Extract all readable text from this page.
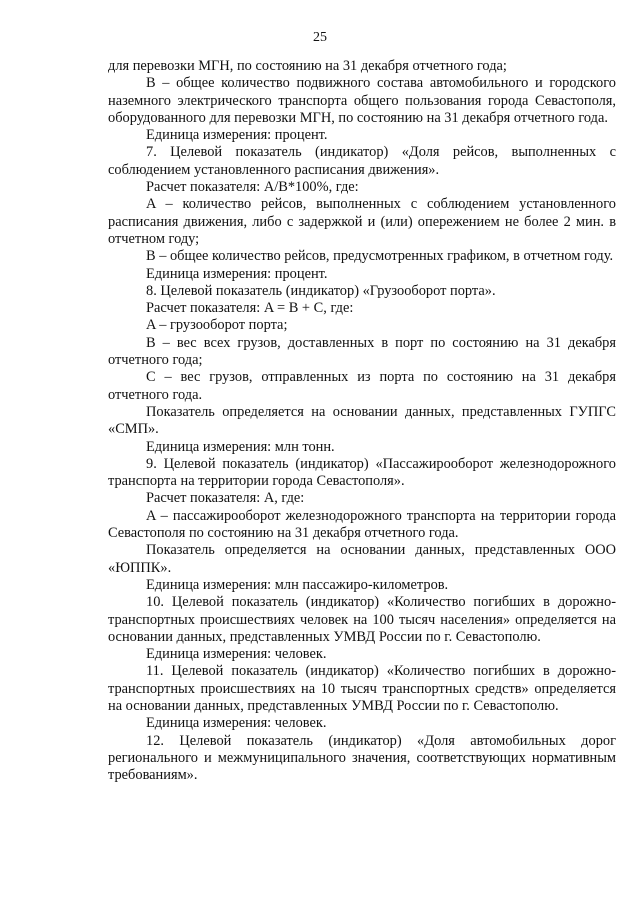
25

для перевозки МГН, по состоянию на 31 декабря отчетного года;

B – общее количество подвижного состава автомобильного и городского наземного электрического транспорта общего пользования города Севастополя, оборудованного для перевозки МГН, по состоянию на 31 декабря отчетного года.

Единица измерения: процент.

7. Целевой показатель (индикатор) «Доля рейсов, выполненных с соблюдением установленного расписания движения».

Расчет показателя: A/B*100%, где:

A – количество рейсов, выполненных с соблюдением установленного расписания движения, либо с задержкой и (или) опережением не более 2 мин. в отчетном году;

B – общее количество рейсов, предусмотренных графиком, в отчетном году.

Единица измерения: процент.

8. Целевой показатель (индикатор) «Грузооборот порта».

Расчет показателя: A = B + C, где:

A – грузооборот порта;

B – вес всех грузов, доставленных в порт по состоянию на 31 декабря отчетного года;

C – вес грузов, отправленных из порта по состоянию на 31 декабря отчетного года.

Показатель определяется на основании данных, представленных ГУПГС «СМП».

Единица измерения: млн тонн.

9. Целевой показатель (индикатор) «Пассажирооборот железнодорожного транспорта на территории города Севастополя».

Расчет показателя: A, где:

A – пассажирооборот железнодорожного транспорта на территории города Севастополя по состоянию на 31 декабря отчетного года.

Показатель определяется на основании данных, представленных ООО «ЮППК».

Единица измерения: млн пассажиро-километров.

10. Целевой показатель (индикатор) «Количество погибших в дорожно-транспортных происшествиях человек на 100 тысяч населения» определяется на основании данных, представленных УМВД России по г. Севастополю.

Единица измерения: человек.

11. Целевой показатель (индикатор) «Количество погибших в дорожно-транспортных происшествиях на 10 тысяч транспортных средств» определяется на основании данных, представленных УМВД России по г. Севастополю.

Единица измерения: человек.

12. Целевой показатель (индикатор) «Доля автомобильных дорог регионального и межмуниципального значения, соответствующих нормативным требованиям».
